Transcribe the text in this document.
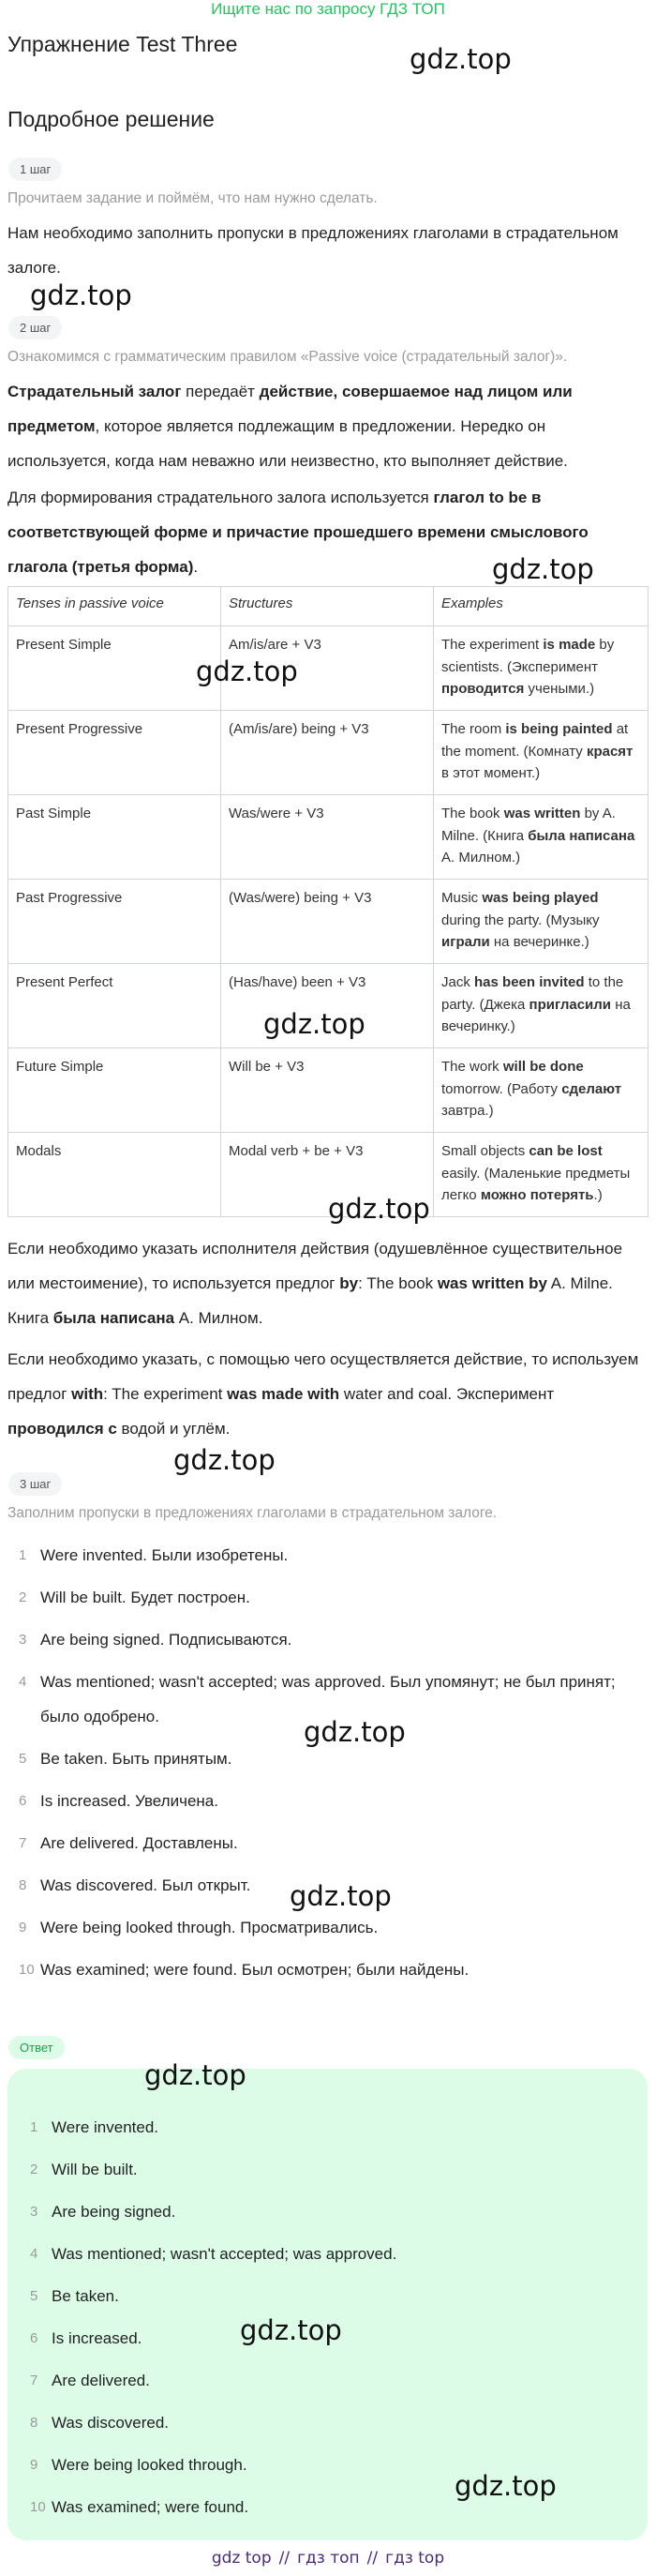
Ищите нас по запросу ГДЗ ТОП
Упражнение Test Three
Подробное решение
1 шаг
Прочитаем задание и поймём, что нам нужно сделать.
Нам необходимо заполнить пропуски в предложениях глаголами в страдательном залоге.
2 шаг
Ознакомимся с грамматическим правилом «Passive voice (страдательный залог)».
Страдательный залог передаёт действие, совершаемое над лицом или предметом, которое является подлежащим в предложении. Нередко он используется, когда нам неважно или неизвестно, кто выполняет действие.
Для формирования страдательного залога используется глагол to be в соответствующей форме и причастие прошедшего времени смыслового глагола (третья форма).
Tenses in passive voice	Structures	Examples
Present Simple	Am/is/are + V3	The experiment is made by scientists. (Эксперимент проводится учеными.)
Present Progressive	(Am/is/are) being + V3	The room is being painted at the moment. (Комнату красят в этот момент.)
Past Simple	Was/were + V3	The book was written by A. Milne. (Книга была написана А. Милном.)
Past Progressive	(Was/were) being + V3	Music was being played during the party. (Музыку играли на вечеринке.)
Present Perfect	(Has/have) been + V3	Jack has been invited to the party. (Джека пригласили на вечеринку.)
Future Simple	Will be + V3	The work will be done tomorrow. (Работу сделают завтра.)
Modals	Modal verb + be + V3	Small objects can be lost easily. (Маленькие предметы легко можно потерять.)
Если необходимо указать исполнителя действия (одушевлённое существительное или местоимение), то используется предлог by: The book was written by A. Milne. Книга была написана А. Милном.
Если необходимо указать, с помощью чего осуществляется действие, то используем предлог with: The experiment was made with water and coal. Эксперимент проводился с водой и углём.
3 шаг
Заполним пропуски в предложениях глаголами в страдательном залоге.
1 Were invented. Были изобретены.
2 Will be built. Будет построен.
3 Are being signed. Подписываются.
4 Was mentioned; wasn't accepted; was approved. Был упомянут; не был принят; было одобрено.
5 Be taken. Быть принятым.
6 Is increased. Увеличена.
7 Are delivered. Доставлены.
8 Was discovered. Был открыт.
9 Were being looked through. Просматривались.
10 Was examined; were found. Был осмотрен; были найдены.
Ответ
1 Were invented.
2 Will be built.
3 Are being signed.
4 Was mentioned; wasn't accepted; was approved.
5 Be taken.
6 Is increased.
7 Are delivered.
8 Was discovered.
9 Were being looked through.
10 Was examined; were found.
gdz.top
gdz.top
gdz.top
gdz.top
gdz.top
gdz.top
gdz.top
gdz.top
gdz.top
gdz.top
gdz.top
gdz.top
gdz top // гдз топ // гдз top
